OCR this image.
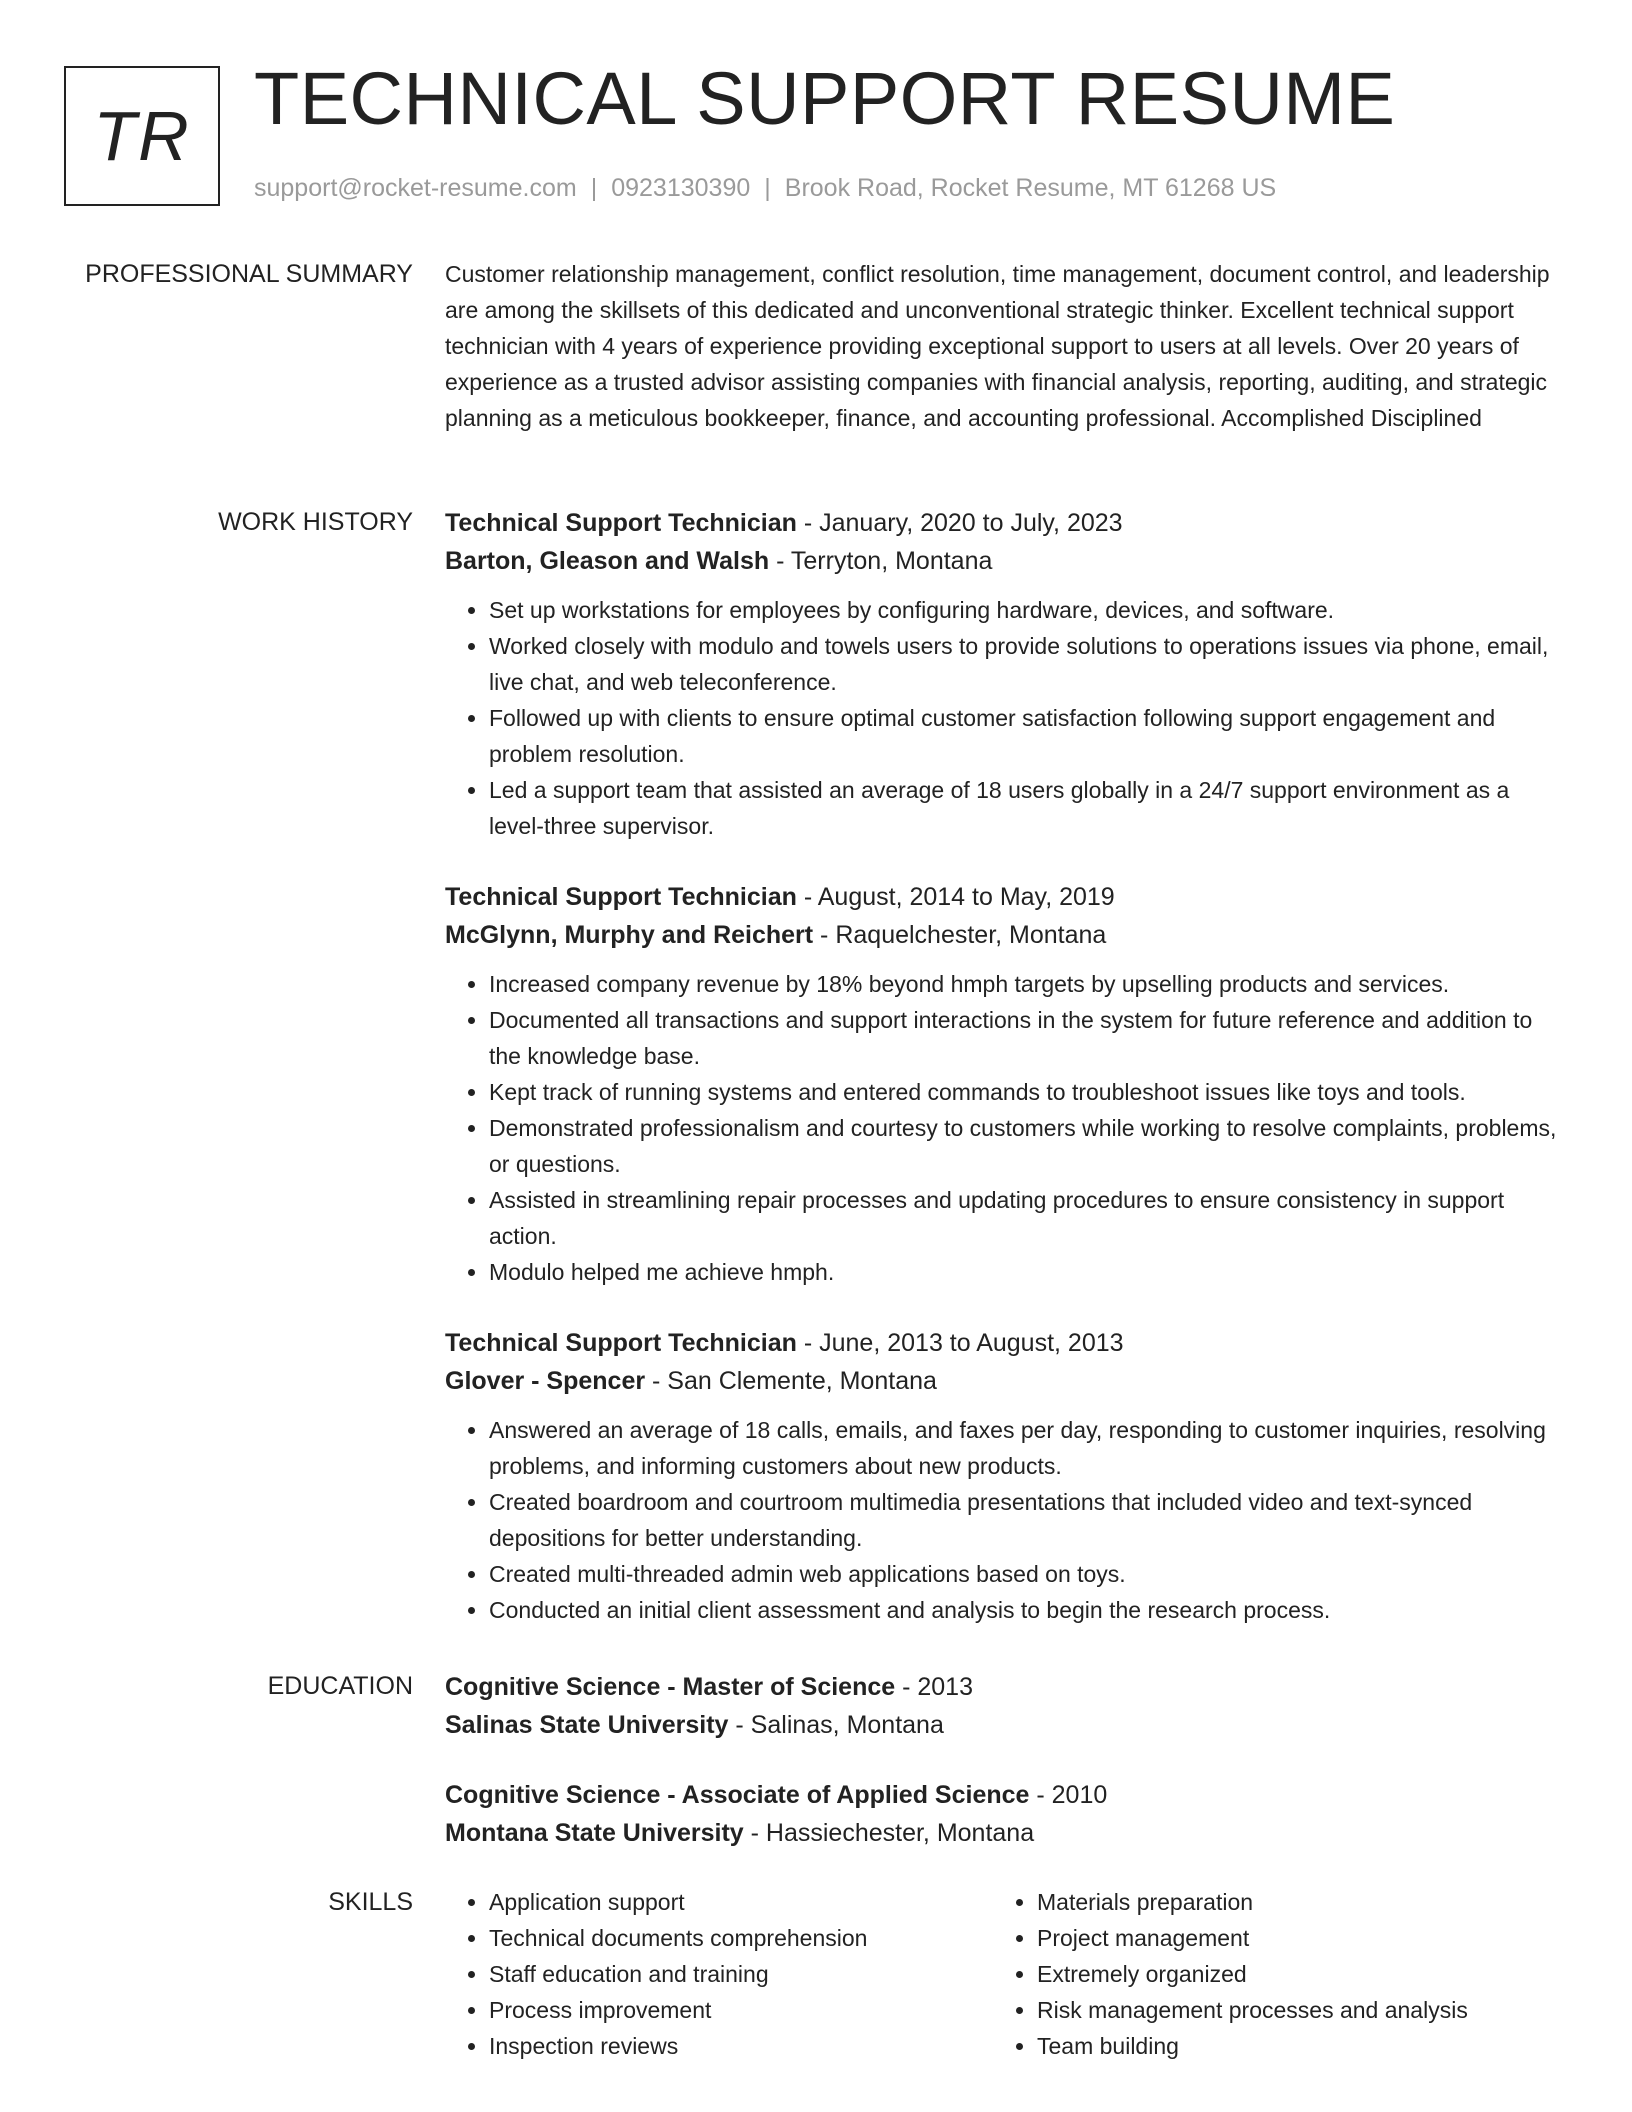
TR TECHNICAL SUPPORT RESUME
support@rocket-resume.com | 0923130390 | Brook Road, Rocket Resume, MT 61268 US
PROFESSIONAL SUMMARY Customer relationship management, conflict resolution, time management, document control, and leadership are among the skillsets of this dedicated and unconventional strategic thinker. Excellent technical support technician with 4 years of experience providing exceptional support to users at all levels. Over 20 years of experience as a trusted advisor assisting companies with financial analysis, reporting, auditing, and strategic planning as a meticulous bookkeeper, finance, and accounting professional. Accomplished Disciplined

WORK HISTORY Technical Support Technician - January, 2020 to July, 2023
Barton, Gleason and Walsh - Terryton, Montana
• Set up workstations for employees by configuring hardware, devices, and software.
• Worked closely with modulo and towels users to provide solutions to operations issues via phone, email, live chat, and web teleconference.
• Followed up with clients to ensure optimal customer satisfaction following support engagement and problem resolution.
• Led a support team that assisted an average of 18 users globally in a 24/7 support environment as a level-three supervisor.
Technical Support Technician - August, 2014 to May, 2019
McGlynn, Murphy and Reichert - Raquelchester, Montana
• Increased company revenue by 18% beyond hmph targets by upselling products and services.
• Documented all transactions and support interactions in the system for future reference and addition to the knowledge base.
• Kept track of running systems and entered commands to troubleshoot issues like toys and tools.
• Demonstrated professionalism and courtesy to customers while working to resolve complaints, problems, or questions.
• Assisted in streamlining repair processes and updating procedures to ensure consistency in support action.
• Modulo helped me achieve hmph.
Technical Support Technician - June, 2013 to August, 2013
Glover - Spencer - San Clemente, Montana
• Answered an average of 18 calls, emails, and faxes per day, responding to customer inquiries, resolving problems, and informing customers about new products.
• Created boardroom and courtroom multimedia presentations that included video and text-synced depositions for better understanding.
• Created multi-threaded admin web applications based on toys.
• Conducted an initial client assessment and analysis to begin the research process.
EDUCATION Cognitive Science - Master of Science - 2013
Salinas State University - Salinas, Montana
Cognitive Science - Associate of Applied Science - 2010
Montana State University - Hassiechester, Montana
SKILLS
•	Application support
• Technical documents comprehension
• Staff education and training
• Process improvement
• Inspection reviews
• Materials preparation
• Project management
• Extremely organized
• Risk management processes and analysis
• Team building
